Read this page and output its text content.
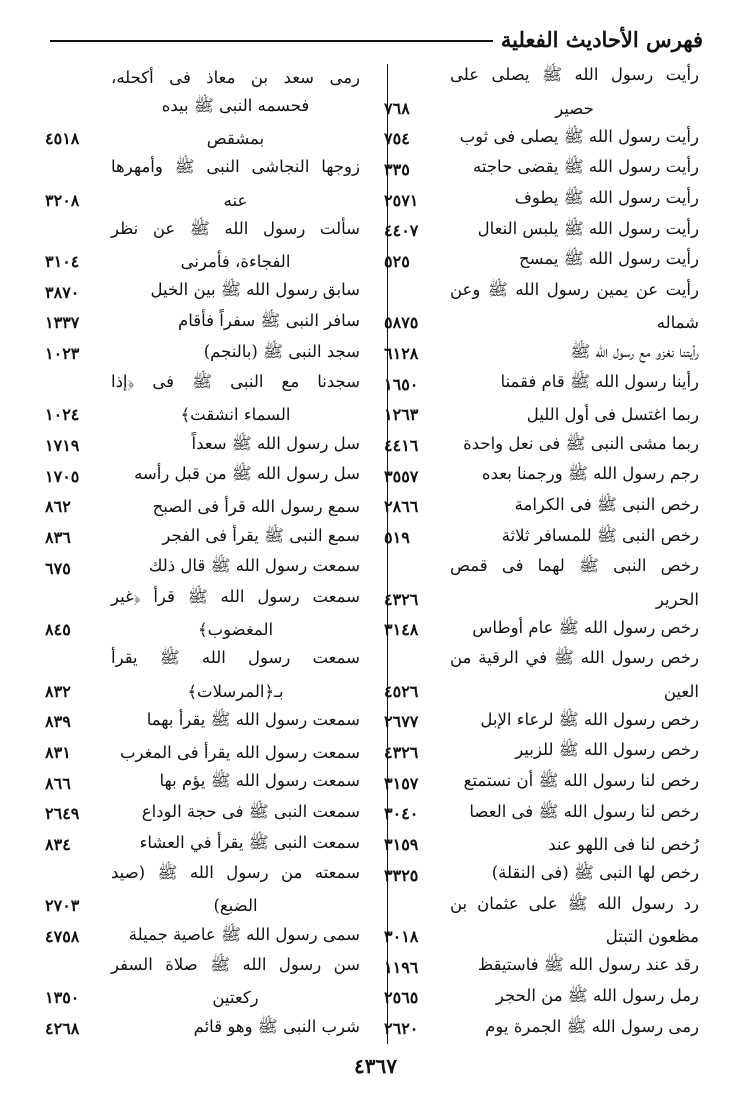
فهرس الأحاديث الفعلية
رأيت رسول الله ﷺ يصلى على
حصير
٧٦٨
رأيت رسول الله ﷺ يصلى فى ثوب
٧٥٤
رأيت رسول الله ﷺ يقضى حاجته
٣٣٥
رأيت رسول الله ﷺ يطوف
٢٥٧١
رأيت رسول الله ﷺ يلبس النعال
٤٤٠٧
رأيت رسول الله ﷺ يمسح
٥٢٥
رأيت عن يمين رسول الله ﷺ وعن
شماله
٥٨٧٥
رأيتنا نغزو مع رسول الله ﷺ
٦١٢٨
رأينا رسول الله ﷺ قام فقمنا
١٦٥٠
ربما اغتسل فى أول الليل
١٢٦٣
ربما مشى النبى ﷺ فى نعل واحدة
٤٤١٦
رجم رسول الله ﷺ ورجمنا بعده
٣٥٥٧
رخص النبى ﷺ فى الكرامة
٢٨٦٦
رخص النبى ﷺ للمسافر ثلاثة
٥١٩
رخص النبى ﷺ لهما فى قمص
الحرير
٤٣٢٦
رخص رسول الله ﷺ عام أوطاس
٣١٤٨
رخص رسول الله ﷺ في الرقية من
العين
٤٥٢٦
رخص رسول الله ﷺ لرعاء الإبل
٢٦٧٧
رخص رسول الله ﷺ للزبير
٤٣٢٦
رخص لنا رسول الله ﷺ أن نستمتع
٣١٥٧
رخص لنا رسول الله ﷺ فى العصا
٣٠٤٠
رُخص لنا فى اللهو عند
٣١٥٩
رخص لها النبى ﷺ (فى النقلة)
٣٣٢٥
رد رسول الله ﷺ على عثمان بن
مظعون التبتل
٣٠١٨
رقد عند رسول الله ﷺ فاستيقظ
١١٩٦
رمل رسول الله ﷺ من الحجر
٢٥٦٥
رمى رسول الله ﷺ الجمرة يوم
٢٦٢٠
رمى سعد بن معاذ فى أكحله،
فحسمه النبى ﷺ بيده
بمشقص
٤٥١٨
زوجها النجاشى النبى ﷺ وأمهرها
عنه
٣٢٠٨
سألت رسول الله ﷺ عن نظر
الفجاءة، فأمرنى
٣١٠٤
سابق رسول الله ﷺ بين الخيل
٣٨٧٠
سافر النبى ﷺ سفراً فأقام
١٣٣٧
سجد النبى ﷺ (بالنجم)
١٠٢٣
سجدنا مع النبى ﷺ فى ﴿إذا
السماء انشقت﴾
١٠٢٤
سل رسول الله ﷺ سعداً
١٧١٩
سل رسول الله ﷺ من قبل رأسه
١٧٠٥
سمع رسول الله قرأ فى الصبح
٨٦٢
سمع النبى ﷺ يقرأ فى الفجر
٨٣٦
سمعت رسول الله ﷺ قال ذلك
٦٧٥
سمعت رسول الله ﷺ قرأ ﴿غير
المغضوب﴾
٨٤٥
سمعت رسول الله ﷺ يقرأ
بـ﴿المرسلات﴾
٨٣٢
سمعت رسول الله ﷺ يقرأ بهما
٨٣٩
سمعت رسول الله يقرأ فى المغرب
٨٣١
سمعت رسول الله ﷺ يؤم بها
٨٦٦
سمعت النبى ﷺ فى حجة الوداع
٢٦٤٩
سمعت النبى ﷺ يقرأ في العشاء
٨٣٤
سمعته من رسول الله ﷺ (صيد
الضبع)
٢٧٠٣
سمى رسول الله ﷺ عاصية جميلة
٤٧٥٨
سن رسول الله ﷺ صلاة السفر
ركعتين
١٣٥٠
شرب النبى ﷺ وهو قائم
٤٢٦٨
٤٣٦٧
